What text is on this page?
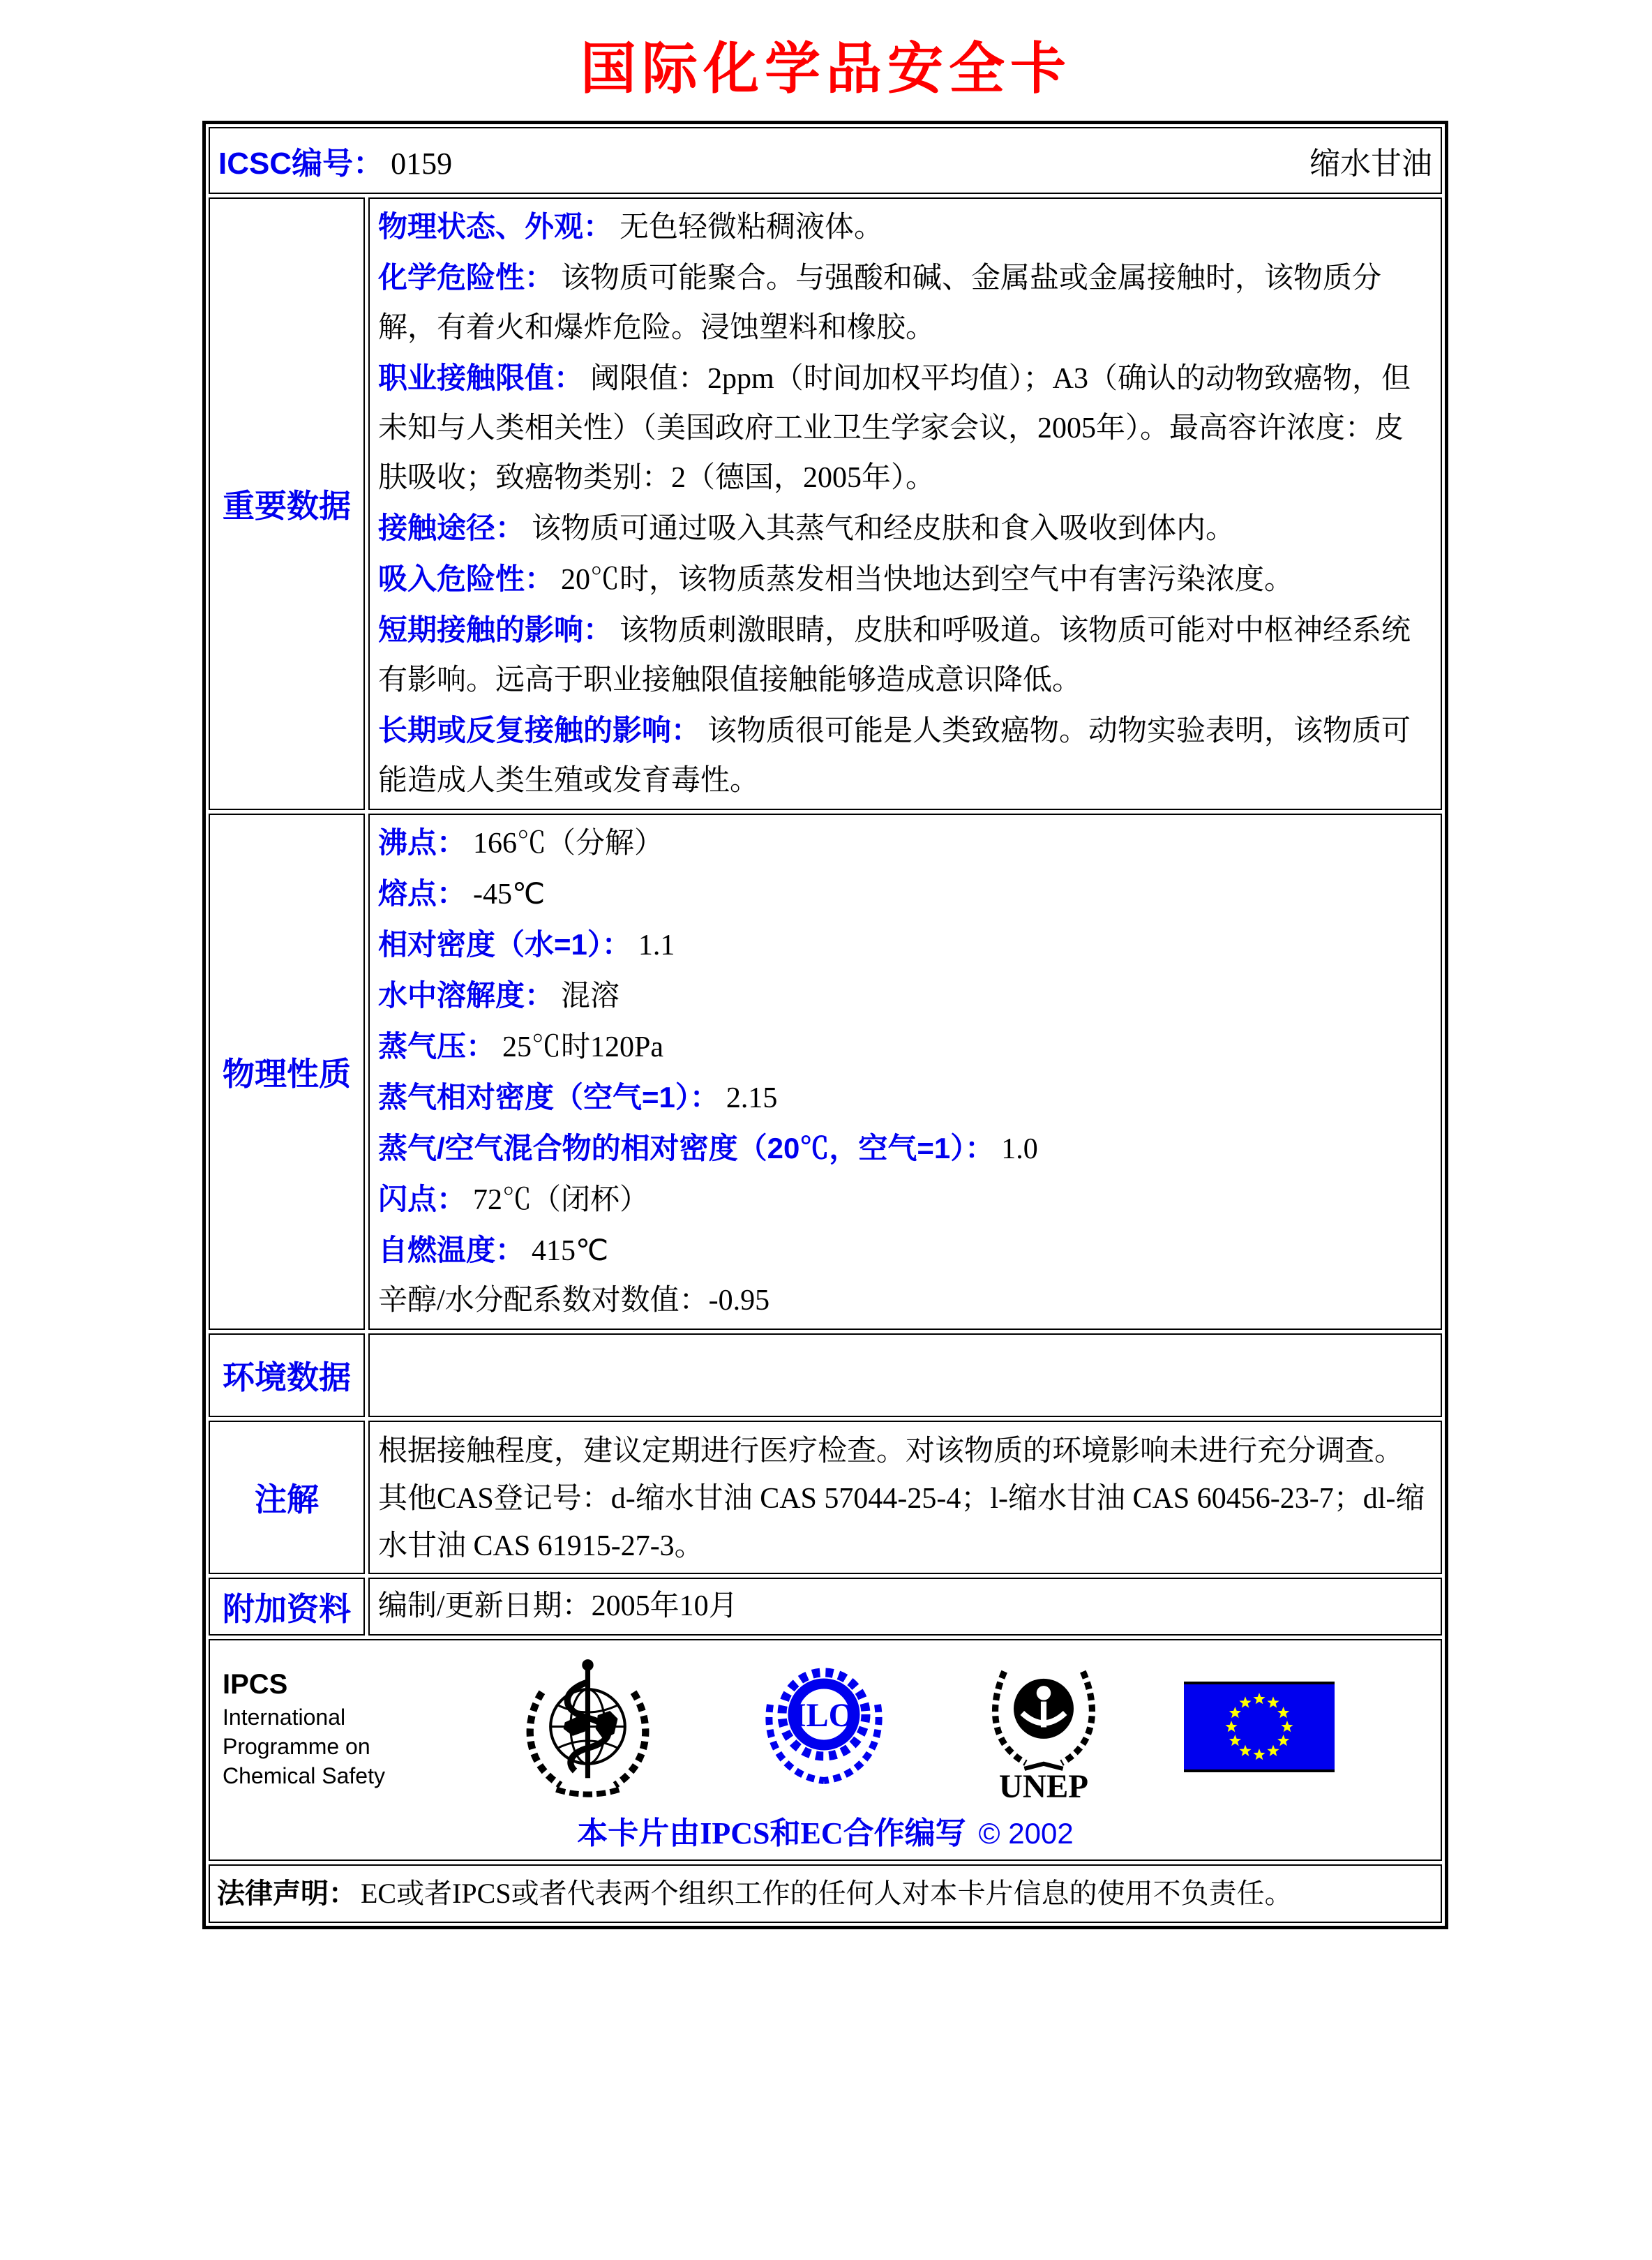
国际化学品安全卡
ICSC编号： 0159	缩水甘油
重要数据
物理状态、外观： 无色轻微粘稠液体。
化学危险性： 该物质可能聚合。与强酸和碱、金属盐或金属接触时，该物质分解，有着火和爆炸危险。浸蚀塑料和橡胶。
职业接触限值： 阈限值：2ppm（时间加权平均值）；A3（确认的动物致癌物，但未知与人类相关性）（美国政府工业卫生学家会议，2005年）。最高容许浓度：皮肤吸收；致癌物类别：2（德国，2005年）。
接触途径： 该物质可通过吸入其蒸气和经皮肤和食入吸收到体内。
吸入危险性： 20℃时，该物质蒸发相当快地达到空气中有害污染浓度。
短期接触的影响： 该物质刺激眼睛，皮肤和呼吸道。该物质可能对中枢神经系统有影响。远高于职业接触限值接触能够造成意识降低。
长期或反复接触的影响： 该物质很可能是人类致癌物。动物实验表明，该物质可能造成人类生殖或发育毒性。
物理性质
沸点： 166℃（分解）
熔点： -45℃
相对密度（水=1）： 1.1
水中溶解度： 混溶
蒸气压： 25℃时120Pa
蒸气相对密度（空气=1）： 2.15
蒸气/空气混合物的相对密度（20℃，空气=1）： 1.0
闪点： 72℃（闭杯）
自燃温度： 415℃
辛醇/水分配系数对数值：-0.95
环境数据
注解
根据接触程度，建议定期进行医疗检查。对该物质的环境影响未进行充分调查。其他CAS登记号：d-缩水甘油 CAS 57044-25-4；l-缩水甘油 CAS 60456-23-7；dl-缩水甘油 CAS 61915-27-3。
附加资料 编制/更新日期：2005年10月
IPCS
International
Programme on
Chemical Safety
ILO
UNEP
本卡片由IPCS和EC合作编写 © 2002
法律声明： EC或者IPCS或者代表两个组织工作的任何人对本卡片信息的使用不负责任。
